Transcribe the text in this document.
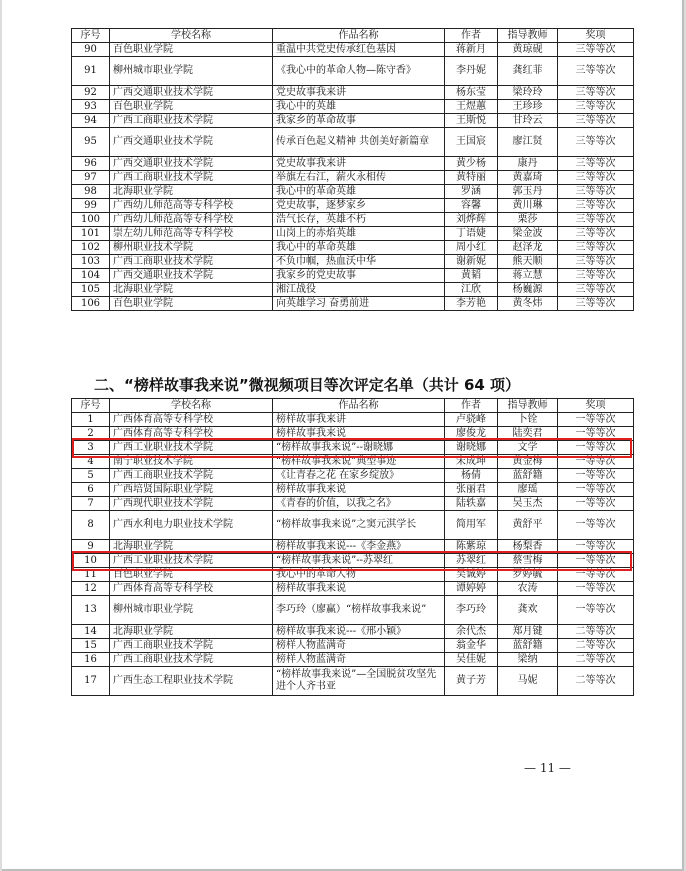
序号	学校名称	作品名称	作者	指导教师	奖项
90	百色职业学院	重温中共党史传承红色基因	蒋新月	黄琼砚	三等等次
91	柳州城市职业学院	《我心中的革命人物—陈守香》	李丹妮	龚红菲	三等等次
92	广西交通职业技术学院	党史故事我来讲	杨东莹	梁玲玲	三等等次
93	百色职业学院	我心中的英雄	王煜蕙	王珍珍	三等等次
94	广西工商职业技术学院	我家乡的革命故事	王斯悦	甘玲云	三等等次
95	广西交通职业技术学院	传承百色起义精神 共创美好新篇章	王国宸	廖江贤	三等等次
96	广西交通职业技术学院	党史故事我来讲	黄少杨	康丹	三等等次
97	广西工商职业技术学院	举旗左右江，薪火永相传	黄特丽	黄嘉琦	三等等次
98	北海职业学院	我心中的革命英雄	罗涵	郭玉丹	三等等次
99	广西幼儿师范高等专科学校	党史故事，逐梦家乡	容馨	黄川琳	三等等次
100	广西幼儿师范高等专科学校	浩气长存，英雄不朽	刘烨辉	栗莎	三等等次
101	崇左幼儿师范高等专科学校	山岗上的赤焰英雄	丁语婕	梁金波	三等等次
102	柳州职业技术学院	我心中的革命英雄	周小红	赵泽龙	三等等次
103	广西工商职业技术学院	不负巾帼，热血沃中华	谢新妮	熊天顺	三等等次
104	广西交通职业技术学院	我家乡的党史故事	黄韬	蒋立慧	三等等次
105	北海职业学院	湘江战役	江欣	杨巍源	三等等次
106	百色职业学院	向英雄学习 奋勇前进	李芳艳	黄冬炜	三等等次
二、“榜样故事我来说”微视频项目等次评定名单（共计 64 项）
序号	学校名称	作品名称	作者	指导教师	奖项
1	广西体育高等专科学校	榜样故事我来讲	卢骁峰	卜铨	一等等次
2	广西体育高等专科学校	榜样故事我来说	廖俊龙	陆奕君	一等等次
3	广西工业职业技术学院	“榜样故事我来说”--谢晓娜	谢晓娜	文学	一等等次
4	南宁职业技术学院	“榜样故事我来说”典型事迹	宋成坤	黄金梅	一等等次
5	广西工商职业技术学院	《让青春之花 在家乡绽放》	杨倩	蓝舒籍	一等等次
6	广西培贤国际职业学院	榜样故事我来说	张丽君	廖瑶	一等等次
7	广西现代职业技术学院	《青春的价值，以我之名》	陆轶嘉	吴玉杰	一等等次
8	广西水利电力职业技术学院	“榜样故事我来说”之窦元淇学长	简用军	黄舒平	一等等次
9	北海职业学院	榜样故事我来说---《李金燕》	陈紫琼	杨梨香	一等等次
10	广西工业职业技术学院	“榜样故事我来说”--苏翠红	苏翠红	蔡雪梅	一等等次
11	百色职业学院	我心中的革命人物	吴诚婷	罗婷毓	一等等次
12	广西体育高等专科学校	榜样故事我来说	谭婷婷	农涛	一等等次
13	柳州城市职业学院	李巧玲（廖赢）“榜样故事我来说”	李巧玲	龚欢	一等等次
14	北海职业学院	榜样故事我来说---《邢小颖》	余代杰	郑月键	二等等次
15	广西工商职业技术学院	榜样人物蓝满奇	翁金华	蓝舒籍	二等等次
16	广西工商职业技术学院	榜样人物蓝满奇	吴佳妮	梁纳	二等等次
17	广西生态工程职业技术学院	“榜样故事我来说”—全国脱贫攻坚先进个人齐书亚	黄子芳	马妮	二等等次
— 11 —
